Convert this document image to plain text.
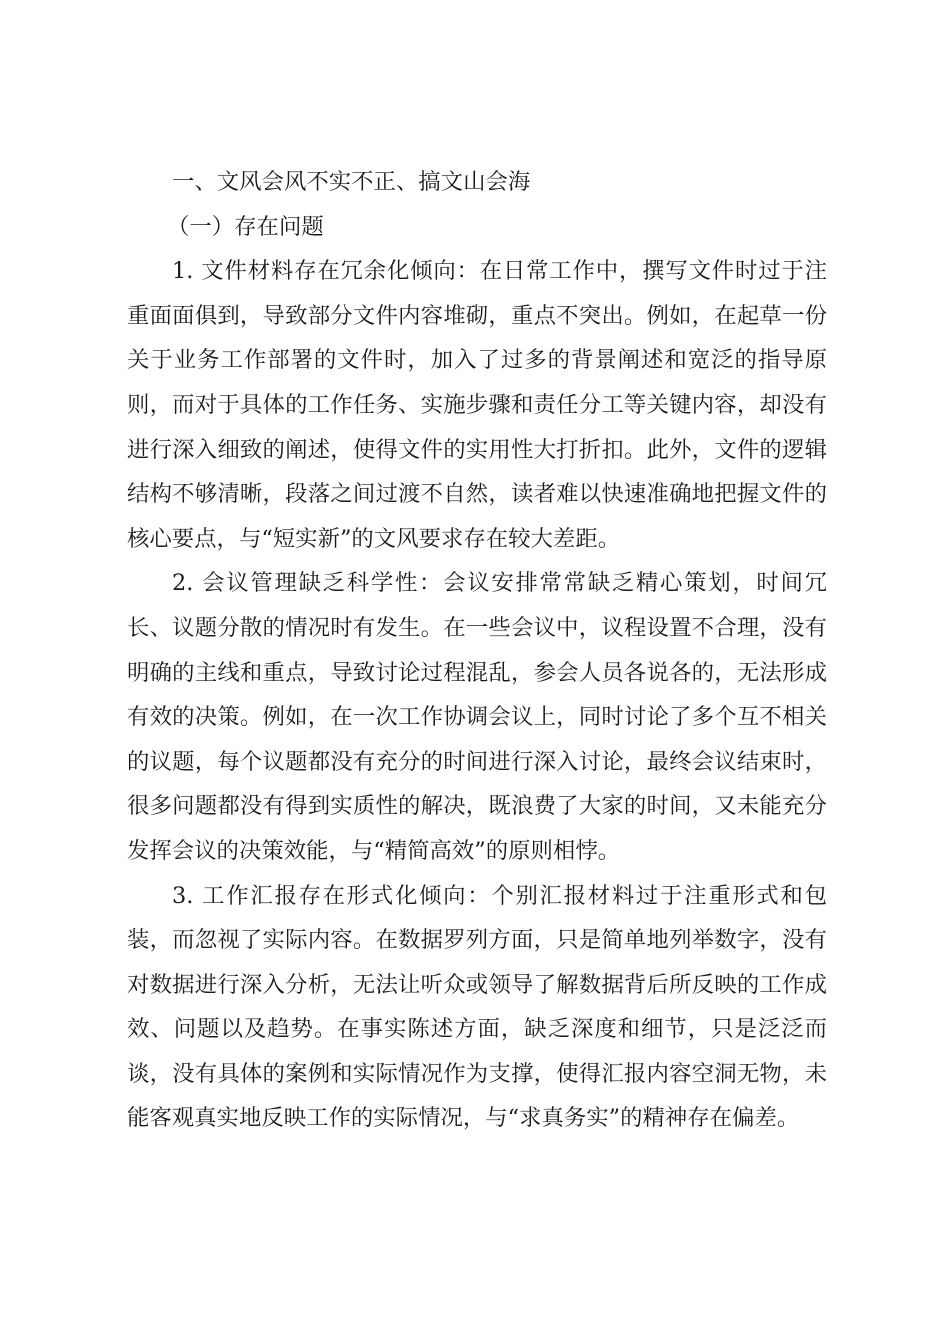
一、文风会风不实不正、搞文山会海
（一）存在问题

1. 文件材料存在冗余化倾向：在日常工作中，撰写文件时过于注重面面俱到，导致部分文件内容堆砌，重点不突出。例如，在起草一份关于业务工作部署的文件时，加入了过多的背景阐述和宽泛的指导原则，而对于具体的工作任务、实施步骤和责任分工等关键内容，却没有进行深入细致的阐述，使得文件的实用性大打折扣。此外，文件的逻辑结构不够清晰，段落之间过渡不自然，读者难以快速准确地把握文件的核心要点，与“短实新”的文风要求存在较大差距。

2. 会议管理缺乏科学性：会议安排常常缺乏精心策划，时间冗长、议题分散的情况时有发生。在一些会议中，议程设置不合理，没有明确的主线和重点，导致讨论过程混乱，参会人员各说各的，无法形成有效的决策。例如，在一次工作协调会议上，同时讨论了多个互不相关的议题，每个议题都没有充分的时间进行深入讨论，最终会议结束时，很多问题都没有得到实质性的解决，既浪费了大家的时间，又未能充分发挥会议的决策效能，与“精简高效”的原则相悖。

3. 工作汇报存在形式化倾向：个别汇报材料过于注重形式和包装，而忽视了实际内容。在数据罗列方面，只是简单地列举数字，没有对数据进行深入分析，无法让听众或领导了解数据背后所反映的工作成效、问题以及趋势。在事实陈述方面，缺乏深度和细节，只是泛泛而谈，没有具体的案例和实际情况作为支撑，使得汇报内容空洞无物，未能客观真实地反映工作的实际情况，与“求真务实”的精神存在偏差。
